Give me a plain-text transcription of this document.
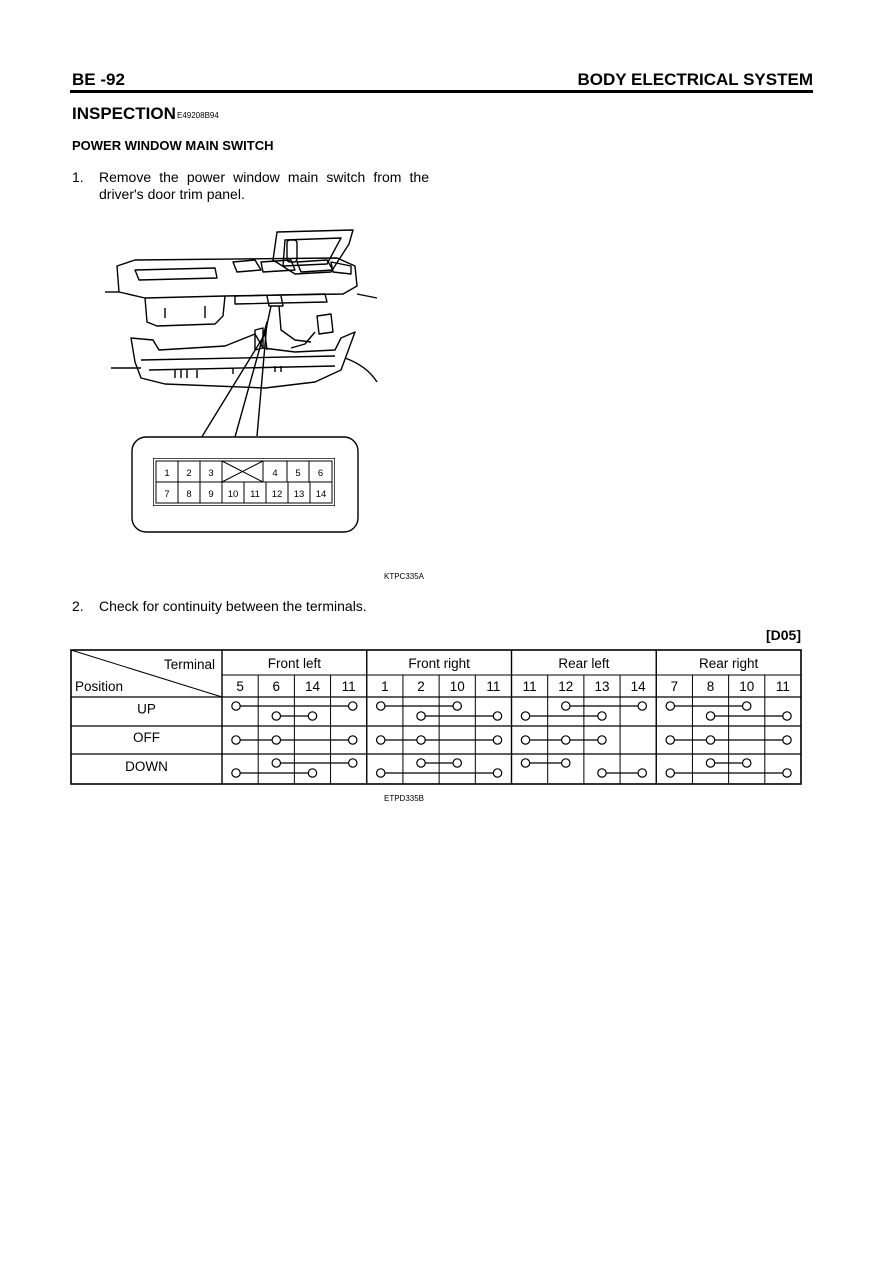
BE -92	BODY ELECTRICAL SYSTEM
INSPECTION E49208B94
POWER WINDOW MAIN SWITCH
1. Remove the power window main switch from the driver's door trim panel.
1 2 3	4 5 6
7 8 9 10 11 12 13 14
KTPC335A
2. Check for continuity between the terminals.
[D05]
Terminal
Position
Front left
5 6 14 11
Front right
1 2 10 11
Rear left
11 12 13 14
Rear right
7 8 10 11
UP
OFF
DOWN
ETPD335B
